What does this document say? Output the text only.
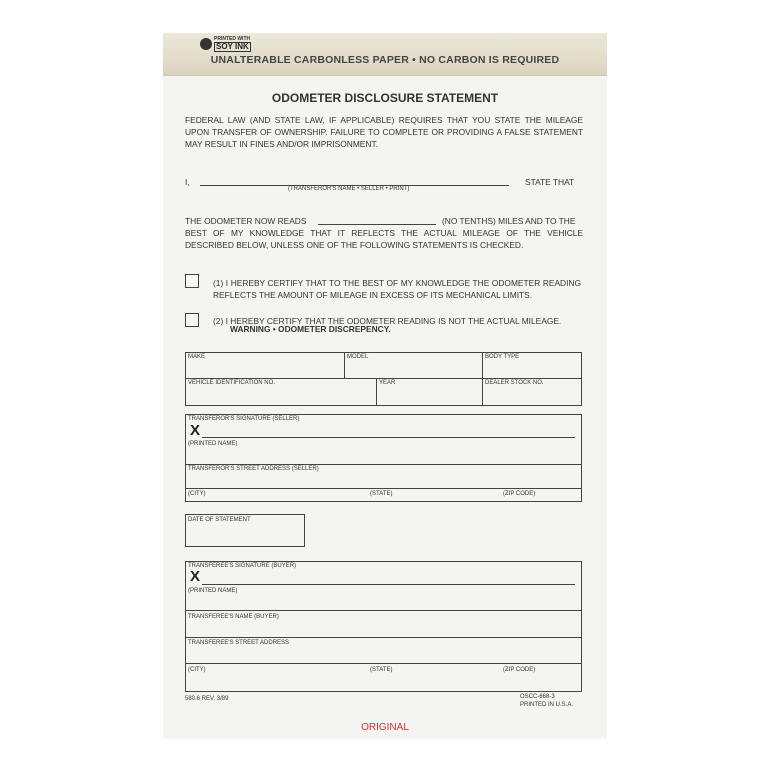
PRINTED WITH
SOY INK
UNALTERABLE CARBONLESS PAPER • NO CARBON IS REQUIRED
ODOMETER DISCLOSURE STATEMENT
FEDERAL LAW (AND STATE LAW, IF APPLICABLE) REQUIRES THAT YOU STATE THE MILEAGE UPON TRANSFER OF OWNERSHIP. FAILURE TO COMPLETE OR PROVIDING A FALSE STATEMENT MAY RESULT IN FINES AND/OR IMPRISONMENT.
I,	STATE THAT
(TRANSFEROR'S NAME • SELLER • PRINT)
THE ODOMETER NOW READS	(NO TENTHS) MILES AND TO THE
BEST OF MY KNOWLEDGE THAT IT REFLECTS THE ACTUAL MILEAGE OF THE VEHICLE DESCRIBED BELOW, UNLESS ONE OF THE FOLLOWING STATEMENTS IS CHECKED.
(1) I HEREBY CERTIFY THAT TO THE BEST OF MY KNOWLEDGE THE ODOMETER READING REFLECTS THE AMOUNT OF MILEAGE IN EXCESS OF ITS MECHANICAL LIMITS.
(2) I HEREBY CERTIFY THAT THE ODOMETER READING IS NOT THE ACTUAL MILEAGE.
WARNING • ODOMETER DISCREPENCY.
MAKE	MODEL	BODY TYPE
VEHICLE IDENTIFICATION NO.	YEAR	DEALER STOCK NO.
TRANSFEROR'S SIGNATURE (SELLER)
X
(PRINTED NAME)
TRANSFEROR'S STREET ADDRESS (SELLER)
(CITY)	(STATE)	(ZIP CODE)
DATE OF STATEMENT
TRANSFEREE'S SIGNATURE (BUYER)
X
(PRINTED NAME)
TRANSFEREE'S NAME (BUYER)
TRANSFEREE'S STREET ADDRESS
(CITY)	(STATE)	(ZIP CODE)
580.6 REV. 3/89	OSCC-668-3
PRINTED IN U.S.A.
ORIGINAL
